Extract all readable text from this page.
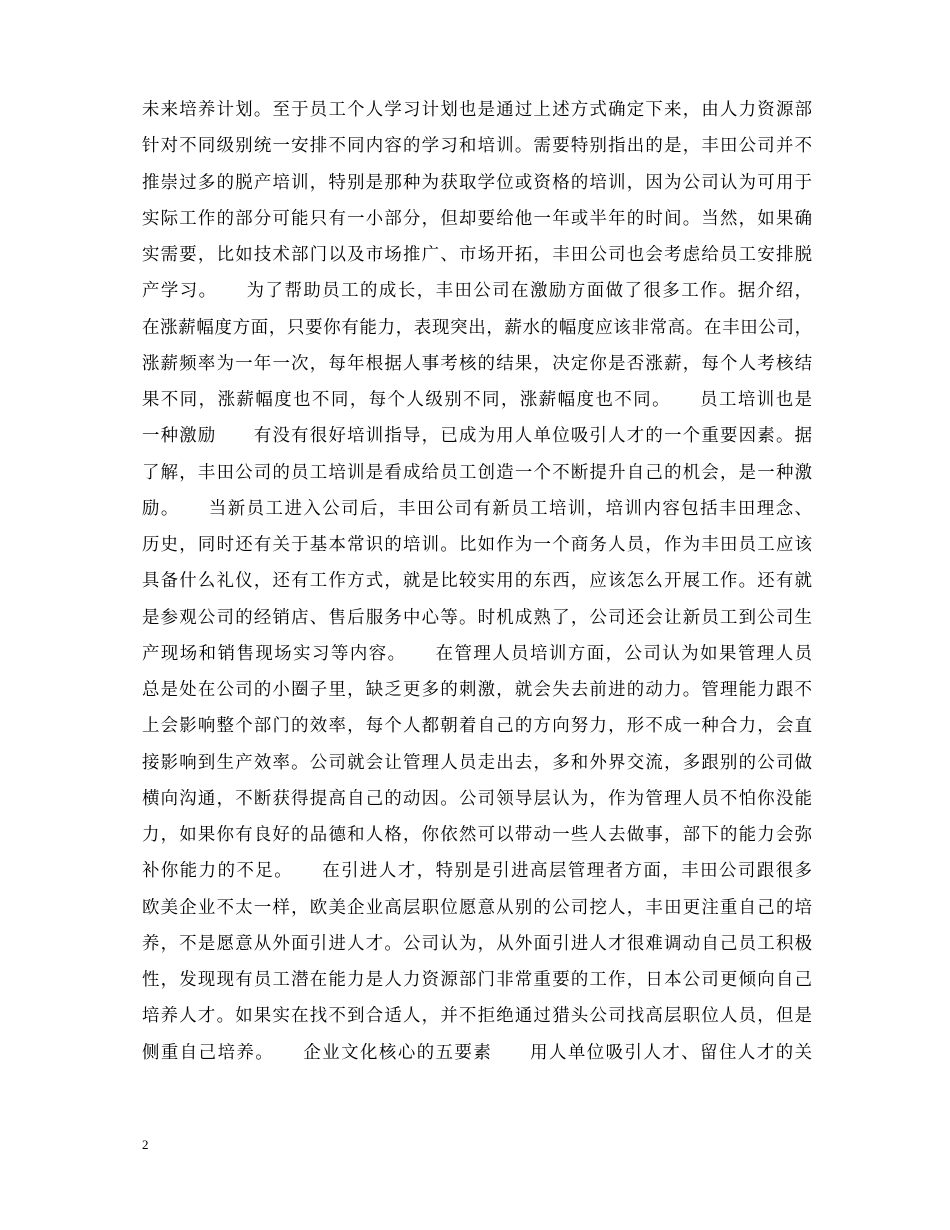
未来培养计划。至于员工个人学习计划也是通过上述方式确定下来，由人力资源部
针对不同级别统一安排不同内容的学习和培训。需要特别指出的是，丰田公司并不
推崇过多的脱产培训，特别是那种为获取学位或资格的培训，因为公司认为可用于
实际工作的部分可能只有一小部分，但却要给他一年或半年的时间。当然，如果确
实需要，比如技术部门以及市场推广、市场开拓，丰田公司也会考虑给员工安排脱
产学习。　　为了帮助员工的成长，丰田公司在激励方面做了很多工作。据介绍，
在涨薪幅度方面，只要你有能力，表现突出，薪水的幅度应该非常高。在丰田公司，
涨薪频率为一年一次，每年根据人事考核的结果，决定你是否涨薪，每个人考核结
果不同，涨薪幅度也不同，每个人级别不同，涨薪幅度也不同。　　员工培训也是
一种激励　　有没有很好培训指导，已成为用人单位吸引人才的一个重要因素。据
了解，丰田公司的员工培训是看成给员工创造一个不断提升自己的机会，是一种激
励。　　当新员工进入公司后，丰田公司有新员工培训，培训内容包括丰田理念、
历史，同时还有关于基本常识的培训。比如作为一个商务人员，作为丰田员工应该
具备什么礼仪，还有工作方式，就是比较实用的东西，应该怎么开展工作。还有就
是参观公司的经销店、售后服务中心等。时机成熟了，公司还会让新员工到公司生
产现场和销售现场实习等内容。　　在管理人员培训方面，公司认为如果管理人员
总是处在公司的小圈子里，缺乏更多的刺激，就会失去前进的动力。管理能力跟不
上会影响整个部门的效率，每个人都朝着自己的方向努力，形不成一种合力，会直
接影响到生产效率。公司就会让管理人员走出去，多和外界交流，多跟别的公司做
横向沟通，不断获得提高自己的动因。公司领导层认为，作为管理人员不怕你没能
力，如果你有良好的品德和人格，你依然可以带动一些人去做事，部下的能力会弥
补你能力的不足。　　在引进人才，特别是引进高层管理者方面，丰田公司跟很多
欧美企业不太一样，欧美企业高层职位愿意从别的公司挖人，丰田更注重自己的培
养，不是愿意从外面引进人才。公司认为，从外面引进人才很难调动自己员工积极
性，发现现有员工潜在能力是人力资源部门非常重要的工作，日本公司更倾向自己
培养人才。如果实在找不到合适人，并不拒绝通过猎头公司找高层职位人员，但是
侧重自己培养。　　企业文化核心的五要素　　用人单位吸引人才、留住人才的关
2
